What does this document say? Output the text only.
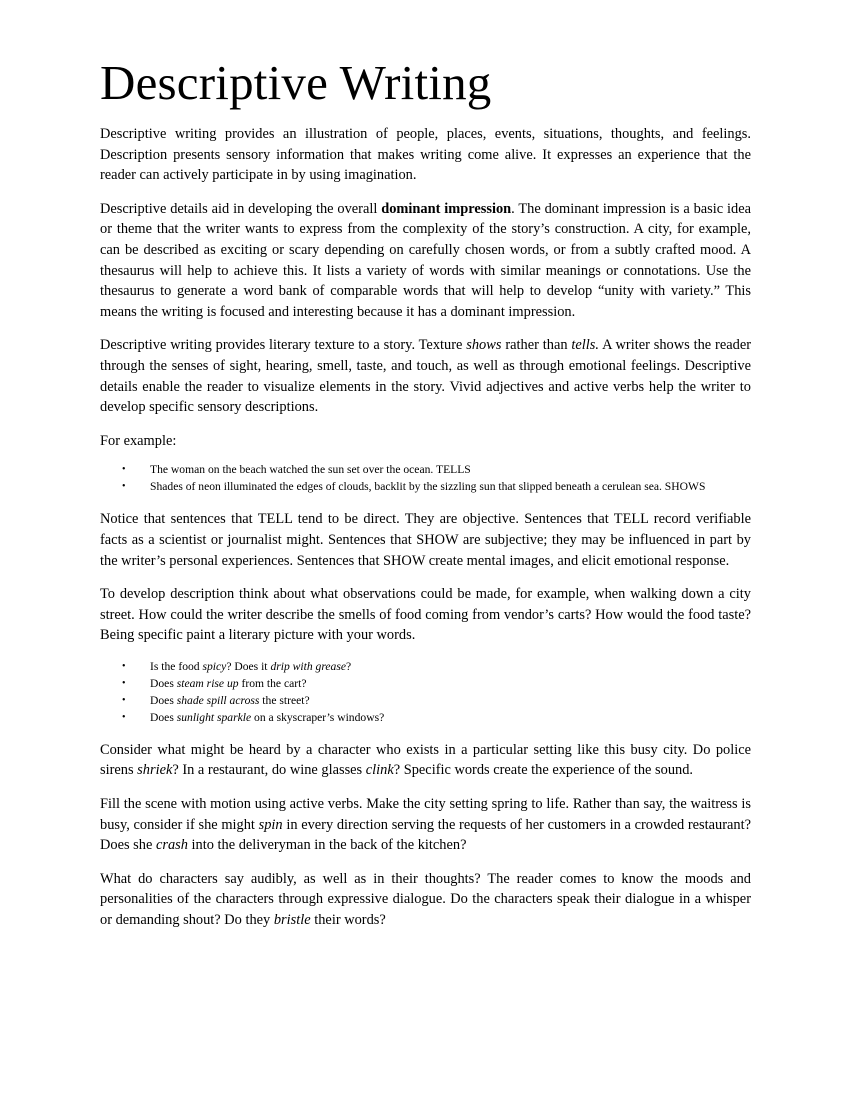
Descriptive Writing

Descriptive writing provides an illustration of people, places, events, situations, thoughts, and feelings. Description presents sensory information that makes writing come alive. It expresses an experience that the reader can actively participate in by using imagination.

Descriptive details aid in developing the overall dominant impression. The dominant impression is a basic idea or theme that the writer wants to express from the complexity of the story’s construction. A city, for example, can be described as exciting or scary depending on carefully chosen words, or from a subtly crafted mood. A thesaurus will help to achieve this. It lists a variety of words with similar meanings or connotations. Use the thesaurus to generate a word bank of comparable words that will help to develop “unity with variety.” This means the writing is focused and interesting because it has a dominant impression.

Descriptive writing provides literary texture to a story. Texture shows rather than tells. A writer shows the reader through the senses of sight, hearing, smell, taste, and touch, as well as through emotional feelings. Descriptive details enable the reader to visualize elements in the story. Vivid adjectives and active verbs help the writer to develop specific sensory descriptions.

For example:

• The woman on the beach watched the sun set over the ocean. TELLS
• Shades of neon illuminated the edges of clouds, backlit by the sizzling sun that slipped beneath a cerulean sea. SHOWS

Notice that sentences that TELL tend to be direct. They are objective. Sentences that TELL record verifiable facts as a scientist or journalist might. Sentences that SHOW are subjective; they may be influenced in part by the writer’s personal experiences. Sentences that SHOW create mental images, and elicit emotional response.

To develop description think about what observations could be made, for example, when walking down a city street. How could the writer describe the smells of food coming from vendor’s carts? How would the food taste? Being specific paint a literary picture with your words.

• Is the food spicy? Does it drip with grease?
• Does steam rise up from the cart?
• Does shade spill across the street?
• Does sunlight sparkle on a skyscraper’s windows?

Consider what might be heard by a character who exists in a particular setting like this busy city. Do police sirens shriek? In a restaurant, do wine glasses clink? Specific words create the experience of the sound.

Fill the scene with motion using active verbs. Make the city setting spring to life. Rather than say, the waitress is busy, consider if she might spin in every direction serving the requests of her customers in a crowded restaurant? Does she crash into the deliveryman in the back of the kitchen?

What do characters say audibly, as well as in their thoughts? The reader comes to know the moods and personalities of the characters through expressive dialogue. Do the characters speak their dialogue in a whisper or demanding shout? Do they bristle their words?
